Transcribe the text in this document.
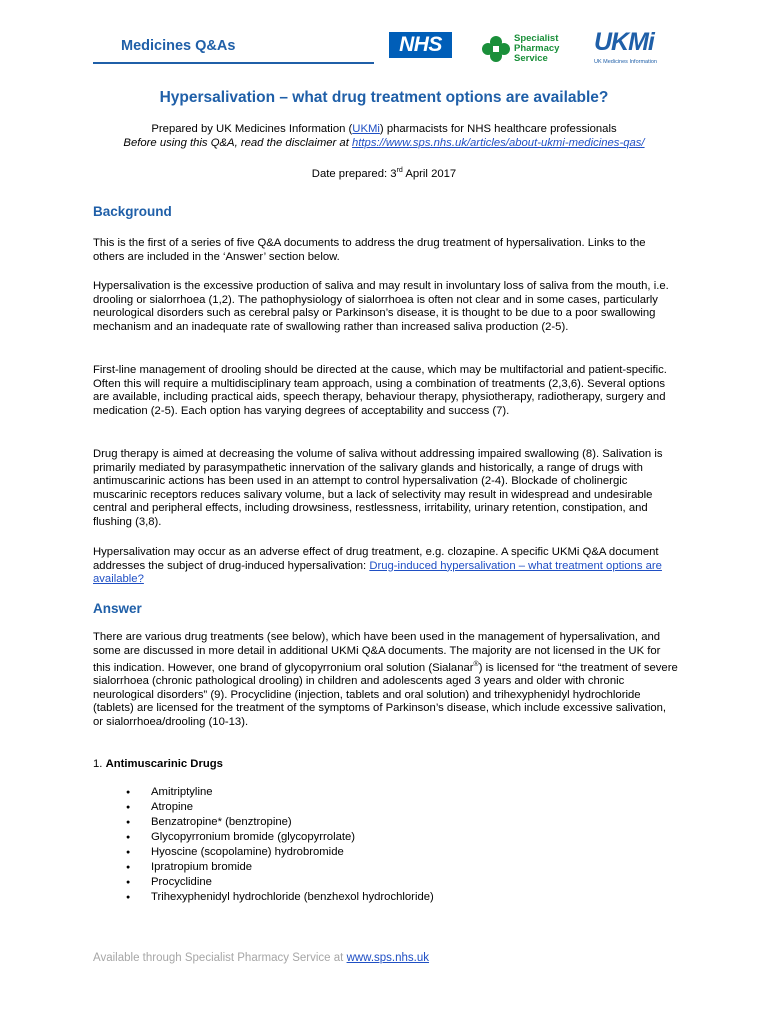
Medicines Q&As	NHS	Specialist
Pharmacy
Service
UKMi
UK Medicines Information
Hypersalivation – what drug treatment options are available?
Prepared by UK Medicines Information (UKMi) pharmacists for NHS healthcare professionals
Before using this Q&A, read the disclaimer at https://www.sps.nhs.uk/articles/about-ukmi-medicines-qas/
Date prepared: 3rd April 2017
Background

This is the first of a series of five Q&A documents to address the drug treatment of hypersalivation. Links to the others are included in the ‘Answer’ section below.

Hypersalivation is the excessive production of saliva and may result in involuntary loss of saliva from the mouth, i.e. drooling or sialorrhoea (1,2). The pathophysiology of sialorrhoea is often not clear and in some cases, particularly neurological disorders such as cerebral palsy or Parkinson’s disease, it is thought to be due to a poor swallowing mechanism and an inadequate rate of swallowing rather than increased saliva production (2-5).

First-line management of drooling should be directed at the cause, which may be multifactorial and patient-specific. Often this will require a multidisciplinary team approach, using a combination of treatments (2,3,6). Several options are available, including practical aids, speech therapy, behaviour therapy, physiotherapy, radiotherapy, surgery and medication (2-5). Each option has varying degrees of acceptability and success (7).

Drug therapy is aimed at decreasing the volume of saliva without addressing impaired swallowing (8). Salivation is primarily mediated by parasympathetic innervation of the salivary glands and historically, a range of drugs with antimuscarinic actions has been used in an attempt to control hypersalivation (2-4). Blockade of cholinergic muscarinic receptors reduces salivary volume, but a lack of selectivity may result in widespread and undesirable central and peripheral effects, including drowsiness, restlessness, irritability, urinary retention, constipation, and flushing (3,8).

Hypersalivation may occur as an adverse effect of drug treatment, e.g. clozapine. A specific UKMi Q&A document addresses the subject of drug-induced hypersalivation: Drug-induced hypersalivation – what treatment options are available?

Answer

There are various drug treatments (see below), which have been used in the management of hypersalivation, and some are discussed in more detail in additional UKMi Q&A documents. The majority are not licensed in the UK for this indication. However, one brand of glycopyrronium oral solution (Sialanar®) is licensed for “the treatment of severe sialorrhoea (chronic pathological drooling) in children and adolescents aged 3 years and older with chronic neurological disorders” (9). Procyclidine (injection, tablets and oral solution) and trihexyphenidyl hydrochloride (tablets) are licensed for the treatment of the symptoms of Parkinson’s disease, which include excessive salivation, or sialorrhoea/drooling (10-13).

1. Antimuscarinic Drugs
● Amitriptyline
● Atropine
● Benzatropine* (benztropine)
● Glycopyrronium bromide (glycopyrrolate)
● Hyoscine (scopolamine) hydrobromide
● Ipratropium bromide
● Procyclidine
● Trihexyphenidyl hydrochloride (benzhexol hydrochloride)
Available through Specialist Pharmacy Service at www.sps.nhs.uk
